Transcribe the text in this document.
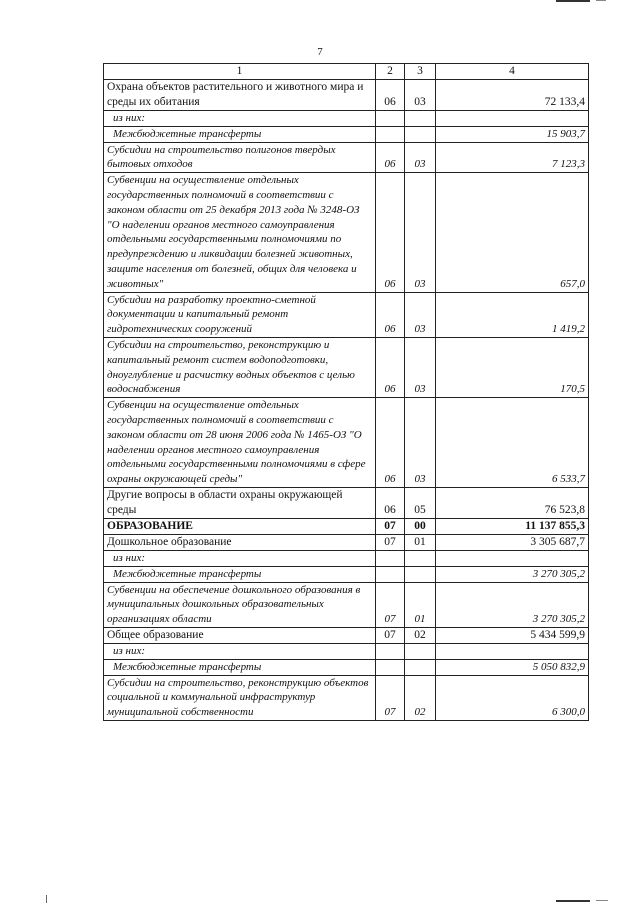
7
1	2	3	4
Охрана объектов растительного и животного мира и среды их обитания	06	03	72 133,4
из них:			
Межбюджетные трансферты			15 903,7
Субсидии на строительство полигонов твердых бытовых отходов	06	03	7 123,3
Субвенции на осуществление отдельных государственных полномочий в соответствии с законом области от 25 декабря 2013 года № 3248-ОЗ "О наделении органов местного самоуправления отдельными государственными полномочиями по предупреждению и ликвидации болезней животных, защите населения от болезней, общих для человека и животных"	06	03	657,0
Субсидии на разработку проектно-сметной документации и капитальный ремонт гидротехнических сооружений	06	03	1 419,2
Субсидии на строительство, реконструкцию и капитальный ремонт систем водоподготовки, дноуглубление и расчистку водных объектов с целью водоснабжения	06	03	170,5
Субвенции на осуществление отдельных государственных полномочий в соответствии с законом области от 28 июня 2006 года № 1465-ОЗ "О наделении органов местного самоуправления отдельными государственными полномочиями в сфере охраны окружающей среды"	06	03	6 533,7
Другие вопросы в области охраны окружающей среды	06	05	76 523,8
ОБРАЗОВАНИЕ	07	00	11 137 855,3
Дошкольное образование	07	01	3 305 687,7
из них:			
Межбюджетные трансферты			3 270 305,2
Субвенции на обеспечение дошкольного образования в муниципальных дошкольных образовательных организациях области	07	01	3 270 305,2
Общее образование	07	02	5 434 599,9
из них:			
Межбюджетные трансферты			5 050 832,9
Субсидии на строительство, реконструкцию объектов социальной и коммунальной инфраструктур муниципальной собственности	07	02	6 300,0
